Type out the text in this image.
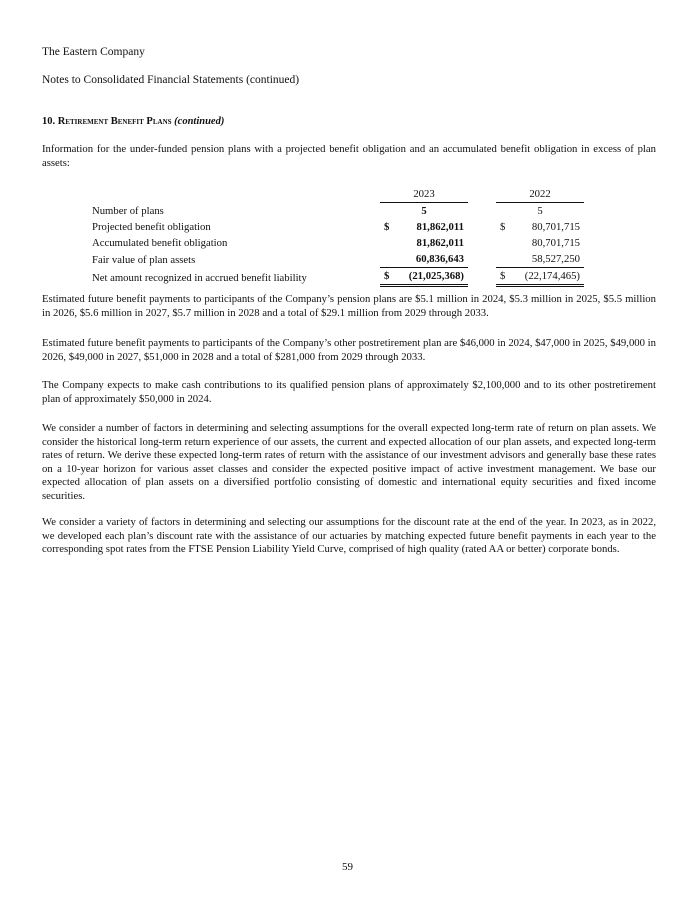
The Eastern Company
Notes to Consolidated Financial Statements (continued)
10. Retirement Benefit Plans (continued)

Information for the under-funded pension plans with a projected benefit obligation and an accumulated benefit obligation in excess of plan assets:

	2023		2022
Number of plans	5		5
Projected benefit obligation	$ 81,862,011		$ 80,701,715

Accumulated benefit obligation	81,862,011		80,701,715

Fair value of plan assets	60,836,643		58,527,250

Net amount recognized in accrued benefit liability	$ (21,025,368)		$ (22,174,465)

Estimated future benefit payments to participants of the Company’s pension plans are $5.1 million in 2024, $5.3 million in 2025, $5.5 million in 2026, $5.6 million in 2027, $5.7 million in 2028 and a total of $29.1 million from 2029 through 2033.

Estimated future benefit payments to participants of the Company’s other postretirement plan are $46,000 in 2024, $47,000 in 2025, $49,000 in 2026, $49,000 in 2027, $51,000 in 2028 and a total of $281,000 from 2029 through 2033.

The Company expects to make cash contributions to its qualified pension plans of approximately $2,100,000 and to its other postretirement plan of approximately $50,000 in 2024.

We consider a number of factors in determining and selecting assumptions for the overall expected long-term rate of return on plan assets. We consider the historical long-term return experience of our assets, the current and expected allocation of our plan assets, and expected long-term rates of return. We derive these expected long-term rates of return with the assistance of our investment advisors and generally base these rates on a 10-year horizon for various asset classes and consider the expected positive impact of active investment management. We base our expected allocation of plan assets on a diversified portfolio consisting of domestic and international equity securities and fixed income securities.

We consider a variety of factors in determining and selecting our assumptions for the discount rate at the end of the year. In 2023, as in 2022, we developed each plan’s discount rate with the assistance of our actuaries by matching expected future benefit payments in each year to the corresponding spot rates from the FTSE Pension Liability Yield Curve, comprised of high quality (rated AA or better) corporate bonds.

59
